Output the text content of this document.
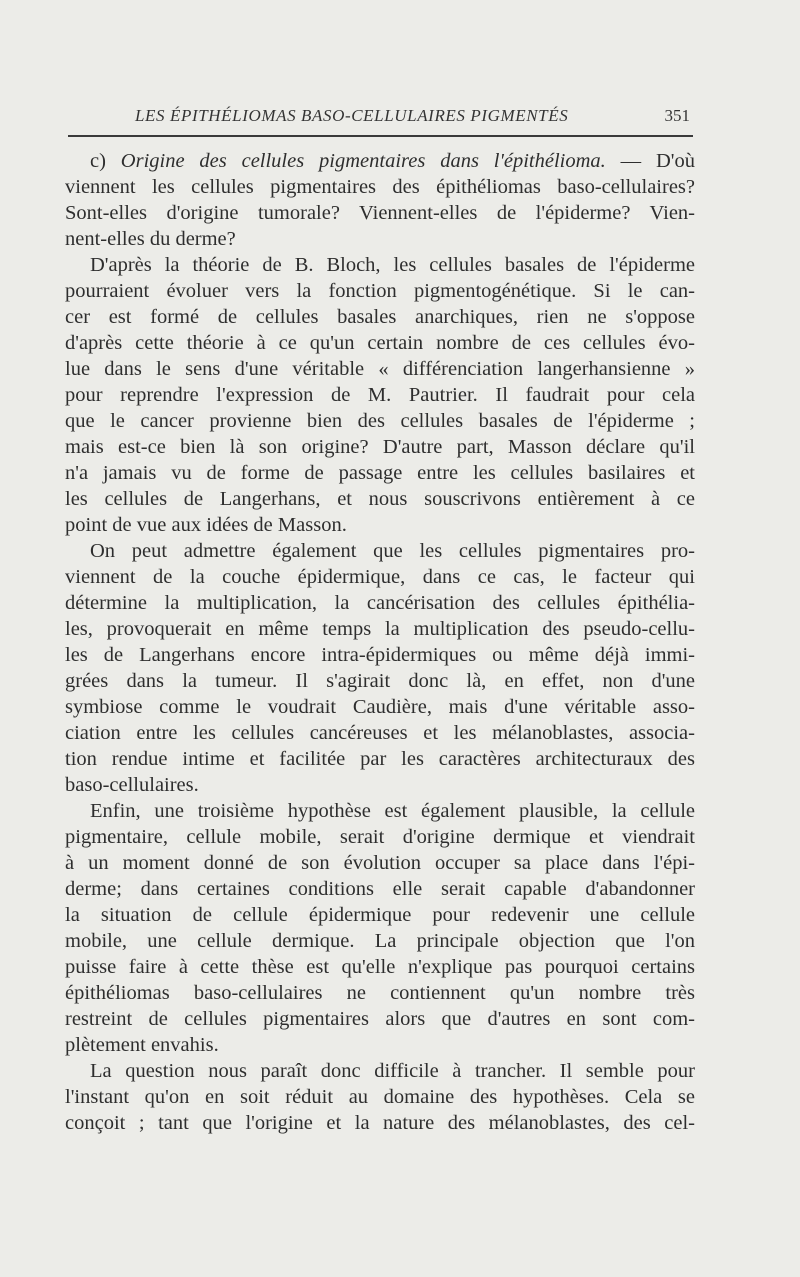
LES ÉPITHÉLIOMAS BASO-CELLULAIRES PIGMENTÉS	351
c) Origine des cellules pigmentaires dans l'épithélioma. — D'où
viennent les cellules pigmentaires des épithéliomas baso-cellulaires?
Sont-elles d'origine tumorale? Viennent-elles de l'épiderme? Vien-
nent-elles du derme?
D'après la théorie de B. Bloch, les cellules basales de l'épiderme
pourraient évoluer vers la fonction pigmentogénétique. Si le can-
cer est formé de cellules basales anarchiques, rien ne s'oppose
d'après cette théorie à ce qu'un certain nombre de ces cellules évo-
lue dans le sens d'une véritable « différenciation langerhansienne »
pour reprendre l'expression de M. Pautrier. Il faudrait pour cela
que le cancer provienne bien des cellules basales de l'épiderme ;
mais est-ce bien là son origine? D'autre part, Masson déclare qu'il
n'a jamais vu de forme de passage entre les cellules basilaires et
les cellules de Langerhans, et nous souscrivons entièrement à ce
point de vue aux idées de Masson.
On peut admettre également que les cellules pigmentaires pro-
viennent de la couche épidermique, dans ce cas, le facteur qui
détermine la multiplication, la cancérisation des cellules épithélia-
les, provoquerait en même temps la multiplication des pseudo-cellu-
les de Langerhans encore intra-épidermiques ou même déjà immi-
grées dans la tumeur. Il s'agirait donc là, en effet, non d'une
symbiose comme le voudrait Caudière, mais d'une véritable asso-
ciation entre les cellules cancéreuses et les mélanoblastes, associa-
tion rendue intime et facilitée par les caractères architecturaux des
baso-cellulaires.
Enfin, une troisième hypothèse est également plausible, la cellule
pigmentaire, cellule mobile, serait d'origine dermique et viendrait
à un moment donné de son évolution occuper sa place dans l'épi-
derme; dans certaines conditions elle serait capable d'abandonner
la situation de cellule épidermique pour redevenir une cellule
mobile, une cellule dermique. La principale objection que l'on
puisse faire à cette thèse est qu'elle n'explique pas pourquoi certains
épithéliomas baso-cellulaires ne contiennent qu'un nombre très
restreint de cellules pigmentaires alors que d'autres en sont com-
plètement envahis.
La question nous paraît donc difficile à trancher. Il semble pour
l'instant qu'on en soit réduit au domaine des hypothèses. Cela se
conçoit ; tant que l'origine et la nature des mélanoblastes, des cel-
